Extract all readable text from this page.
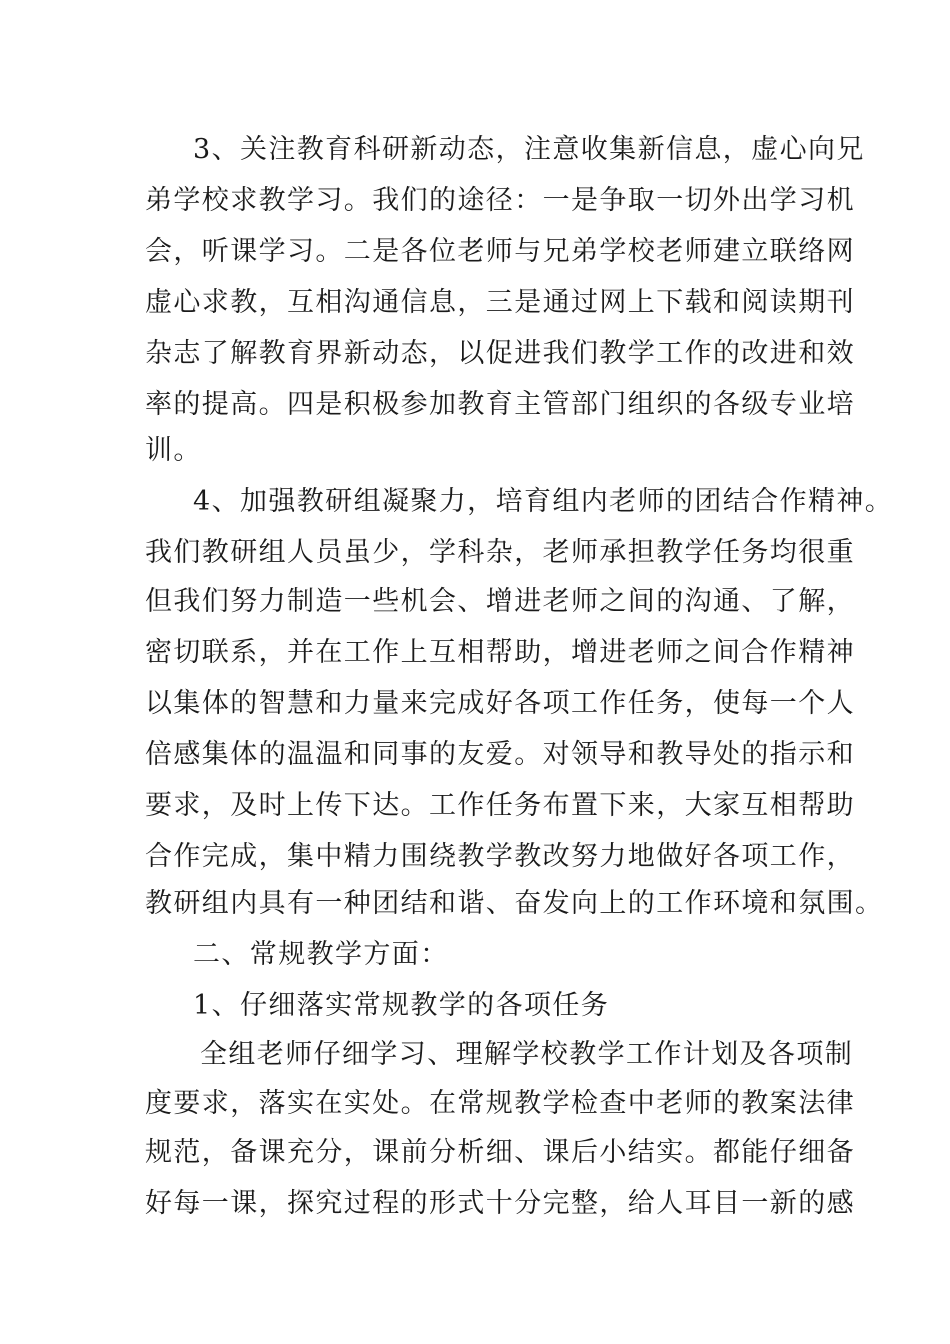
3、关注教育科研新动态，注意收集新信息，虚心向兄
弟学校求教学习。我们的途径：一是争取一切外出学习机
会，听课学习。二是各位老师与兄弟学校老师建立联络网
虚心求教，互相沟通信息，三是通过网上下载和阅读期刊
杂志了解教育界新动态，以促进我们教学工作的改进和效
率的提高。四是积极参加教育主管部门组织的各级专业培
训。
4、加强教研组凝聚力，培育组内老师的团结合作精神。
我们教研组人员虽少，学科杂，老师承担教学任务均很重
但我们努力制造一些机会、增进老师之间的沟通、了解，
密切联系，并在工作上互相帮助，增进老师之间合作精神
以集体的智慧和力量来完成好各项工作任务，使每一个人
倍感集体的温温和同事的友爱。对领导和教导处的指示和
要求，及时上传下达。工作任务布置下来，大家互相帮助
合作完成，集中精力围绕教学教改努力地做好各项工作，
教研组内具有一种团结和谐、奋发向上的工作环境和氛围。
二、常规教学方面：
1、仔细落实常规教学的各项任务
全组老师仔细学习、理解学校教学工作计划及各项制
度要求，落实在实处。在常规教学检查中老师的教案法律
规范，备课充分，课前分析细、课后小结实。都能仔细备
好每一课，探究过程的形式十分完整，给人耳目一新的感
